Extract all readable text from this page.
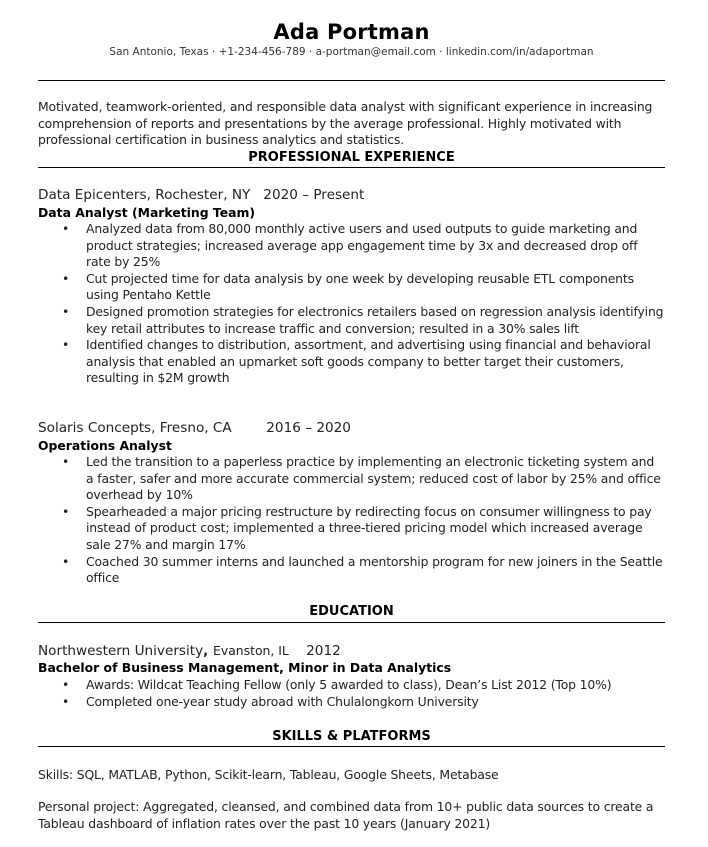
Ada Portman
San Antonio, Texas · +1-234-456-789 · a-portman@email.com · linkedin.com/in/adaportman
Motivated, teamwork-oriented, and responsible data analyst with significant experience in increasing comprehension of reports and presentations by the average professional. Highly motivated with professional certification in business analytics and statistics.
PROFESSIONAL EXPERIENCE
Data Epicenters, Rochester, NY 2020 – Present
Data Analyst (Marketing Team)
• Analyzed data from 80,000 monthly active users and used outputs to guide marketing and product strategies; increased average app engagement time by 3x and decreased drop off rate by 25%
• Cut projected time for data analysis by one week by developing reusable ETL components using Pentaho Kettle
• Designed promotion strategies for electronics retailers based on regression analysis identifying key retail attributes to increase traffic and conversion; resulted in a 30% sales lift
• Identified changes to distribution, assortment, and advertising using financial and behavioral analysis that enabled an upmarket soft goods company to better target their customers, resulting in $2M growth
Solaris Concepts, Fresno, CA	2016 – 2020
Operations Analyst
• Led the transition to a paperless practice by implementing an electronic ticketing system and a faster, safer and more accurate commercial system; reduced cost of labor by 25% and office overhead by 10%
• Spearheaded a major pricing restructure by redirecting focus on consumer willingness to pay instead of product cost; implemented a three-tiered pricing model which increased average sale 27% and margin 17%
• Coached 30 summer interns and launched a mentorship program for new joiners in the Seattle office
EDUCATION
Northwestern University, Evanston, IL 2012
Bachelor of Business Management, Minor in Data Analytics
• Awards: Wildcat Teaching Fellow (only 5 awarded to class), Dean’s List 2012 (Top 10%)
• Completed one-year study abroad with Chulalongkorn University
SKILLS & PLATFORMS
Skills: SQL, MATLAB, Python, Scikit-learn, Tableau, Google Sheets, Metabase
Personal project: Aggregated, cleansed, and combined data from 10+ public data sources to create a Tableau dashboard of inflation rates over the past 10 years (January 2021)
